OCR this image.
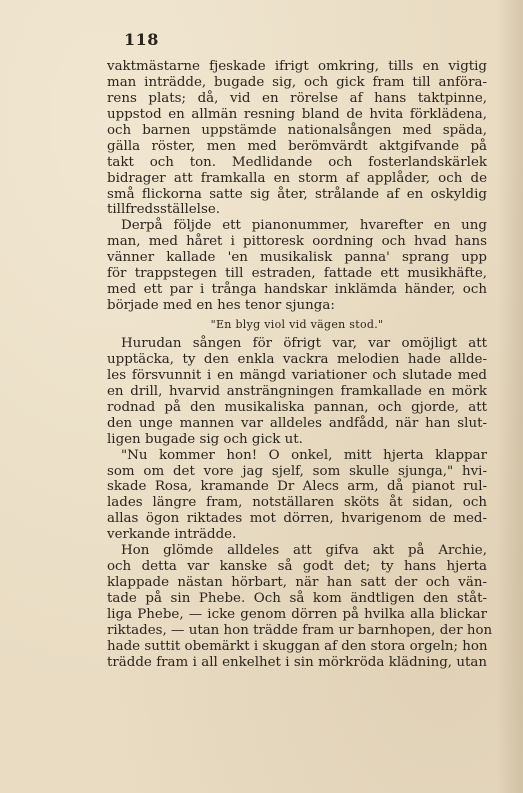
118
vaktmästarne fjeskade ifrigt omkring, tills en vigtig
man inträdde, bugade sig, och gick fram till anföra-
rens plats; då, vid en rörelse af hans taktpinne,
uppstod en allmän resning bland de hvita förklädena,
och barnen uppstämde nationalsången med späda,
gälla röster, men med berömvärdt aktgifvande på
takt och ton. Medlidande och fosterlandskärlek
bidrager att framkalla en storm af applåder, och de
små flickorna satte sig åter, strålande af en oskyldig
tillfredsställelse.
Derpå följde ett pianonummer, hvarefter en ung
man, med håret i pittoresk oordning och hvad hans
vänner kallade 'en musikalisk panna' sprang upp
för trappstegen till estraden, fattade ett musikhäfte,
med ett par i trånga handskar inklämda händer, och
började med en hes tenor sjunga:
"En blyg viol vid vägen stod."
Hurudan sången för öfrigt var, var omöjligt att
upptäcka, ty den enkla vackra melodien hade allde-
les försvunnit i en mängd variationer och slutade med
en drill, hvarvid ansträngningen framkallade en mörk
rodnad på den musikaliska pannan, och gjorde, att
den unge mannen var alldeles andfådd, när han slut-
ligen bugade sig och gick ut.
"Nu kommer hon! O onkel, mitt hjerta klappar
som om det vore jag sjelf, som skulle sjunga," hvi-
skade Rosa, kramande Dr Alecs arm, då pianot rul-
lades längre fram, notställaren sköts åt sidan, och
allas ögon riktades mot dörren, hvarigenom de med-
verkande inträdde.
Hon glömde alldeles att gifva akt på Archie,
och detta var kanske så godt det; ty hans hjerta
klappade nästan hörbart, när han satt der och vän-
tade på sin Phebe. Och så kom ändtligen den ståt-
liga Phebe, — icke genom dörren på hvilka alla blickar
riktades, — utan hon trädde fram ur barnhopen, der hon
hade suttit obemärkt i skuggan af den stora orgeln; hon
trädde fram i all enkelhet i sin mörkröda klädning, utan
